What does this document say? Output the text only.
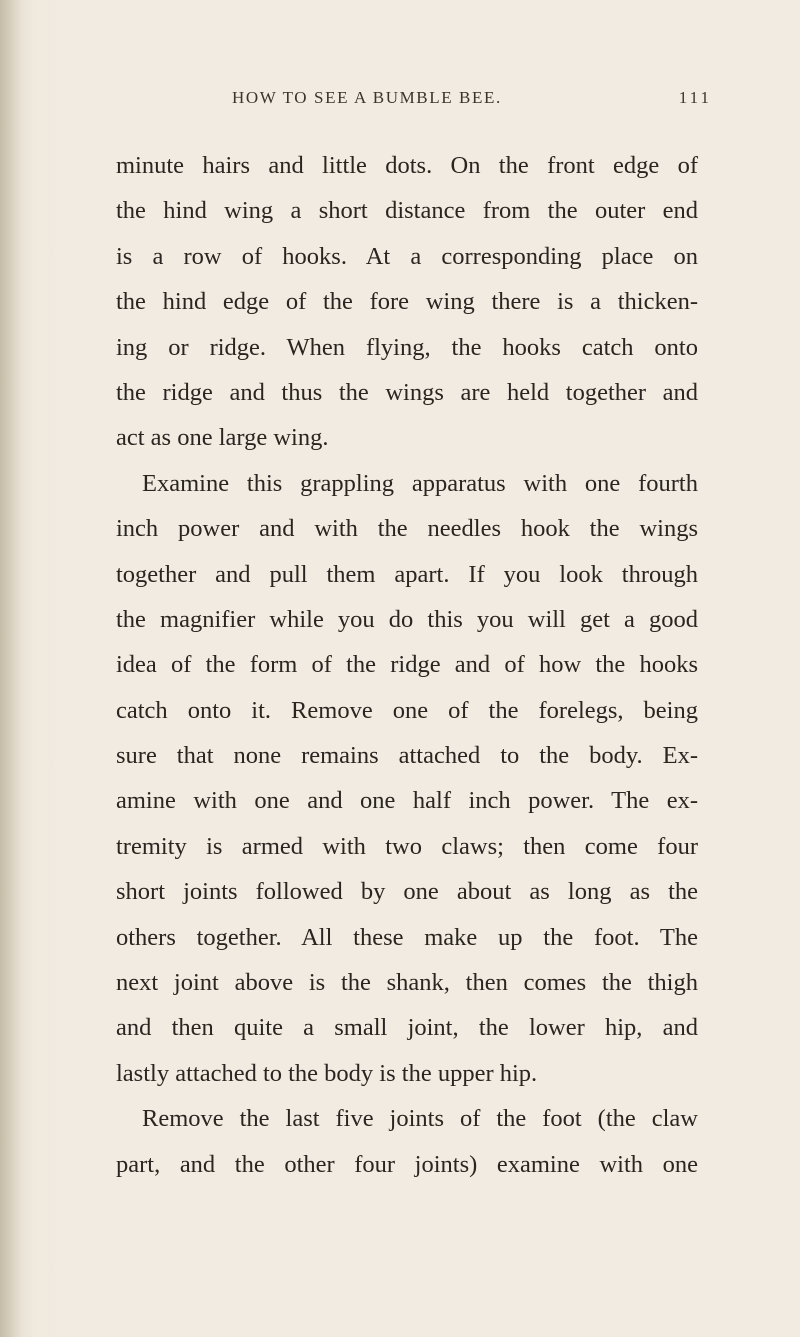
HOW TO SEE A BUMBLE BEE.	111
minute hairs and little dots. On the front edge of
the hind wing a short distance from the outer end
is a row of hooks. At a corresponding place on
the hind edge of the fore wing there is a thicken-
ing or ridge. When flying, the hooks catch onto
the ridge and thus the wings are held together and
act as one large wing.
Examine this grappling apparatus with one fourth
inch power and with the needles hook the wings
together and pull them apart. If you look through
the magnifier while you do this you will get a good
idea of the form of the ridge and of how the hooks
catch onto it. Remove one of the forelegs, being
sure that none remains attached to the body. Ex-
amine with one and one half inch power. The ex-
tremity is armed with two claws; then come four
short joints followed by one about as long as the
others together. All these make up the foot. The
next joint above is the shank, then comes the thigh
and then quite a small joint, the lower hip, and
lastly attached to the body is the upper hip.
Remove the last five joints of the foot (the claw
part, and the other four joints) examine with one
